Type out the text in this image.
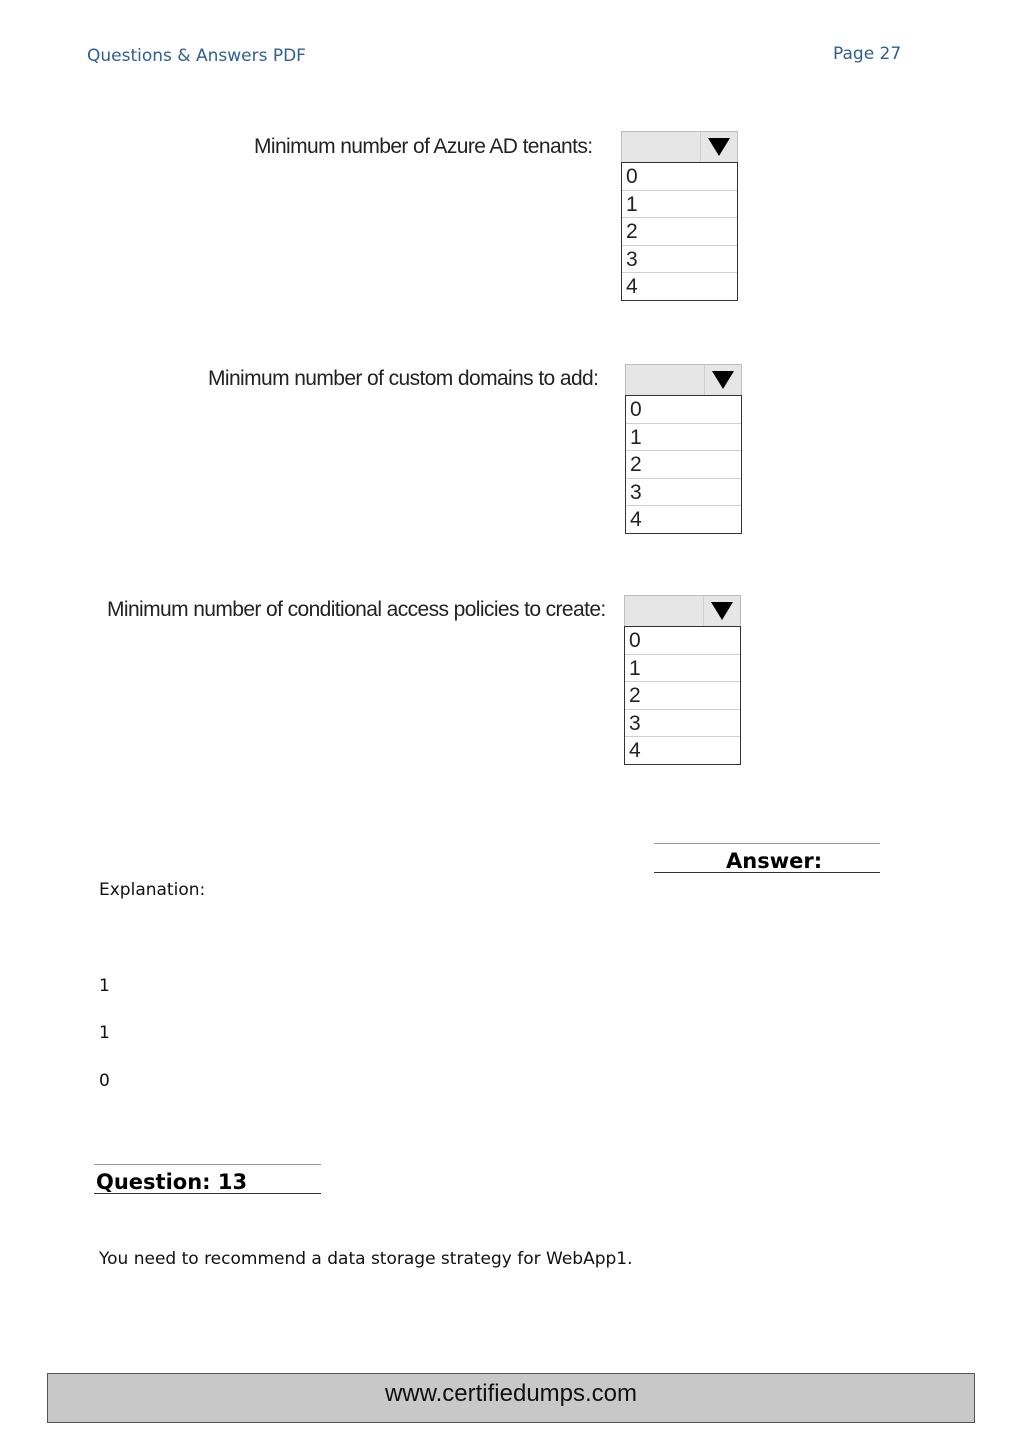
Questions & Answers PDF	Page 27
Minimum number of Azure AD tenants:
0
1
2
3
4
Minimum number of custom domains to add:
0
1
2
3
4
Minimum number of conditional access policies to create:
0
1
2
3
4
Answer:
Explanation:
1
1
0
Question: 13
You need to recommend a data storage strategy for WebApp1.
www.certifiedumps.com
